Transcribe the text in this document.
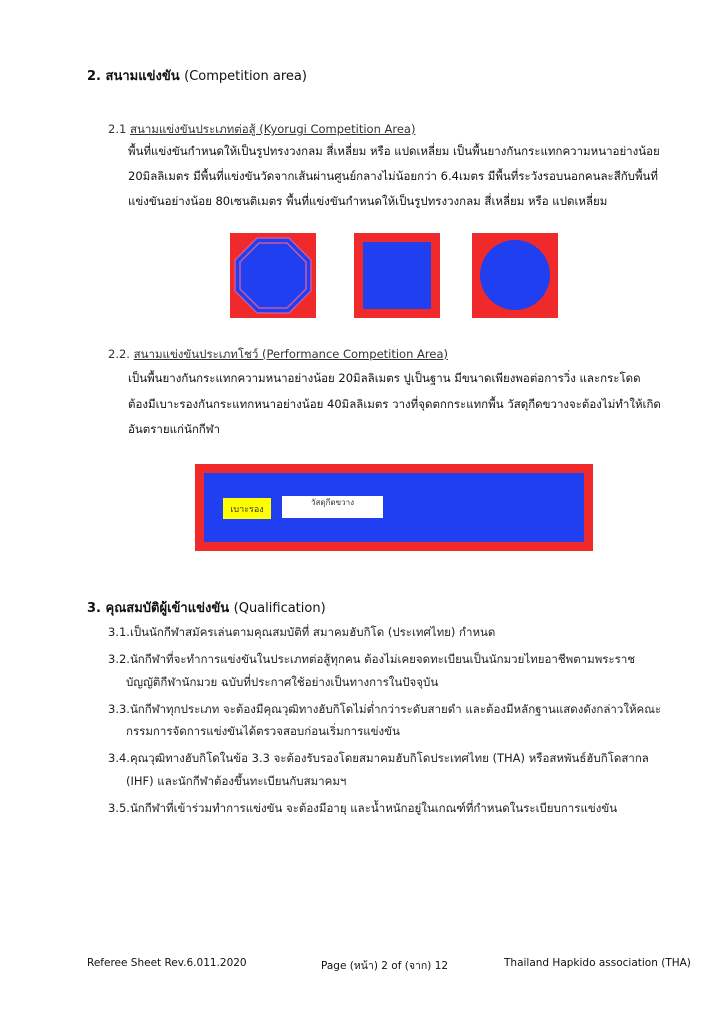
2. สนามแข่งขัน (Competition area)
2.1 สนามแข่งขันประเภทต่อสู้ (Kyorugi Competition Area)
พื้นที่แข่งขันกำหนดให้เป็นรูปทรงวงกลม สี่เหลี่ยม หรือ แปดเหลี่ยม เป็นพื้นยางกันกระแทกความหนาอย่างน้อย
20มิลลิเมตร มีพื้นที่แข่งขันวัดจากเส้นผ่านศูนย์กลางไม่น้อยกว่า 6.4เมตร มีพื้นที่ระวังรอบนอกคนละสีกับพื้นที่
แข่งขันอย่างน้อย 80เซนติเมตร พื้นที่แข่งขันกำหนดให้เป็นรูปทรงวงกลม สี่เหลี่ยม หรือ แปดเหลี่ยม
2.2. สนามแข่งขันประเภทโชว์ (Performance Competition Area)
เป็นพื้นยางกันกระแทกความหนาอย่างน้อย 20มิลลิเมตร ปูเป็นฐาน มีขนาดเพียงพอต่อการวิ่ง และกระโดด
ต้องมีเบาะรองกันกระแทกหนาอย่างน้อย 40มิลลิเมตร วางที่จุดตกกระแทกพื้น วัสดุกีดขวางจะต้องไม่ทำให้เกิด
อันตรายแก่นักกีฬา
เบาะรอง
วัสดุกีดขวาง
3. คุณสมบัติผู้เข้าแข่งขัน (Qualification)
3.1.เป็นนักกีฬาสมัครเล่นตามคุณสมบัติที่ สมาคมฮับกิโด (ประเทศไทย) กำหนด
3.2.นักกีฬาที่จะทำการแข่งขันในประเภทต่อสู้ทุกคน ต้องไม่เคยจดทะเบียนเป็นนักมวยไทยอาชีพตามพระราช
บัญญัติกีฬานักมวย ฉบับที่ประกาศใช้อย่างเป็นทางการในปัจจุบัน
3.3.นักกีฬาทุกประเภท จะต้องมีคุณวุฒิทางฮับกิโดไม่ต่ำกว่าระดับสายดำ และต้องมีหลักฐานแสดงดังกล่าวให้คณะ
กรรมการจัดการแข่งขันได้ตรวจสอบก่อนเริ่มการแข่งขัน
3.4.คุณวุฒิทางฮับกิโดในข้อ 3.3 จะต้องรับรองโดยสมาคมฮับกิโดประเทศไทย (THA) หรือสหพันธ์ฮับกิโดสากล
(IHF) และนักกีฬาต้องขึ้นทะเบียนกับสมาคมฯ
3.5.นักกีฬาที่เข้าร่วมทำการแข่งขัน จะต้องมีอายุ และน้ำหนักอยู่ในเกณฑ์ที่กำหนดในระเบียบการแข่งขัน
Referee Sheet Rev.6.011.2020	Page (หน้า) 2 of (จาก) 12	Thailand Hapkido association (THA)
